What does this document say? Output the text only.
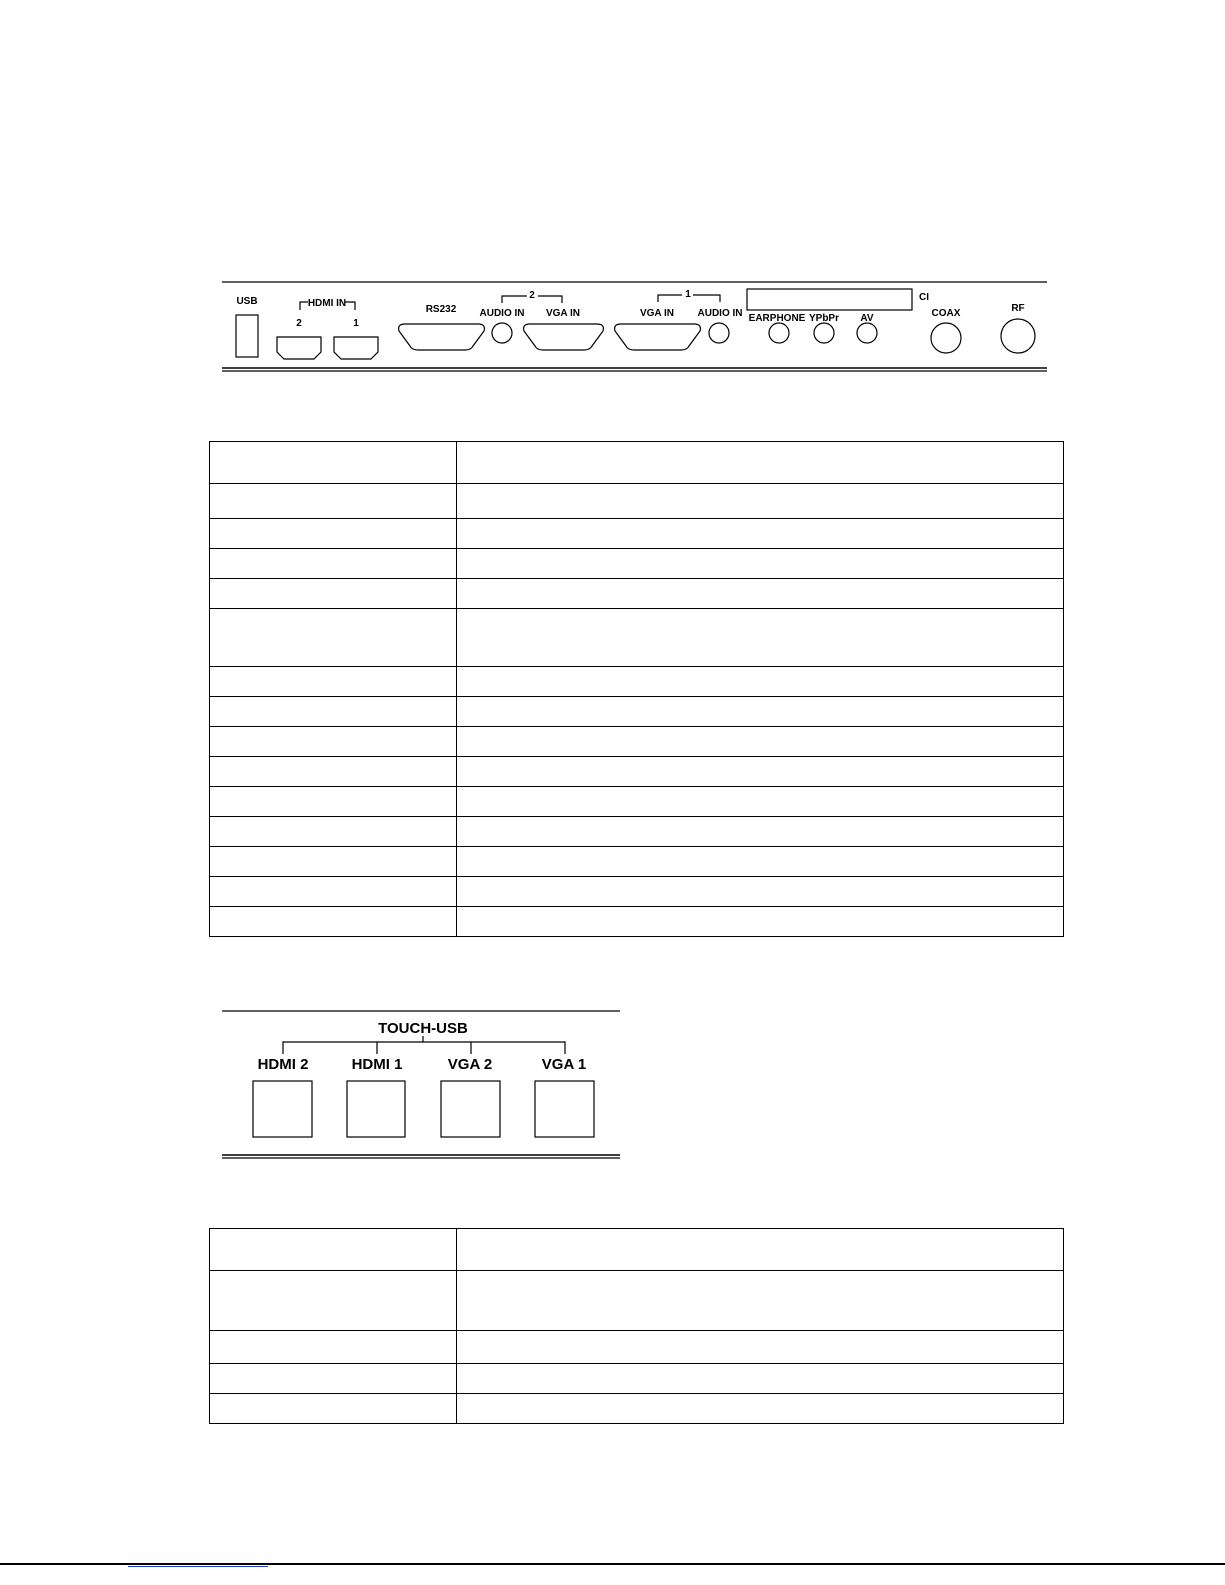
USB	HDMI IN
2	1
RS232
2
AUDIO IN VGA IN
1
VGA IN AUDIO IN
CI
EARPHONE YPbPr AV	COAX	RF

TOUCH-USB
HDMI 2	HDMI 1	VGA 2	VGA 1
